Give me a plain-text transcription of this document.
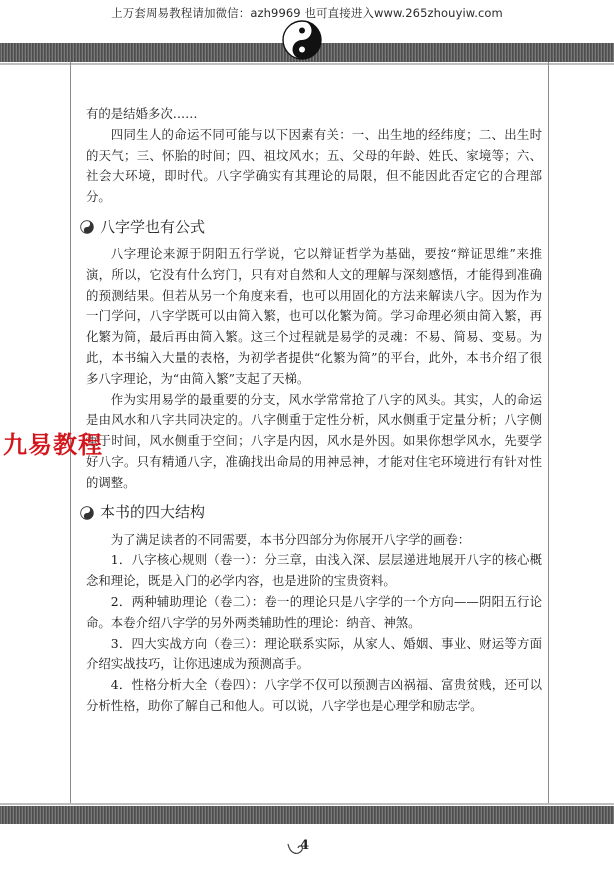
上万套周易教程请加微信：azh9969 也可直接进入www.265zhouyiw.com

有的是结婚多次……

四同生人的命运不同可能与以下因素有关：一、出生地的经纬度；二、出生时的天气；三、怀胎的时间；四、祖坟风水；五、父母的年龄、姓氏、家境等；六、社会大环境，即时代。八字学确实有其理论的局限，但不能因此否定它的合理部分。

八字学也有公式

八字理论来源于阴阳五行学说，它以辩证哲学为基础，要按“辩证思维”来推演，所以，它没有什么窍门，只有对自然和人文的理解与深刻感悟，才能得到准确的预测结果。但若从另一个角度来看，也可以用固化的方法来解读八字。因为作为一门学问，八字学既可以由简入繁，也可以化繁为简。学习命理必须由简入繁，再化繁为简，最后再由简入繁。这三个过程就是易学的灵魂：不易、简易、变易。为此，本书编入大量的表格，为初学者提供“化繁为简”的平台，此外，本书介绍了很多八字理论，为“由简入繁”支起了天梯。

作为实用易学的最重要的分支，风水学常常抢了八字的风头。其实，人的命运是由风水和八字共同决定的。八字侧重于定性分析，风水侧重于定量分析；八字侧重于时间，风水侧重于空间；八字是内因，风水是外因。如果你想学风水，先要学好八字。只有精通八字，准确找出命局的用神忌神，才能对住宅环境进行有针对性的调整。

本书的四大结构

为了满足读者的不同需要，本书分四部分为你展开八字学的画卷：

1．八字核心规则（卷一）：分三章，由浅入深、层层递进地展开八字的核心概念和理论，既是入门的必学内容，也是进阶的宝贵资料。

2．两种辅助理论（卷二）：卷一的理论只是八字学的一个方向——阴阳五行论命。本卷介绍八字学的另外两类辅助性的理论：纳音、神煞。

3．四大实战方向（卷三）：理论联系实际，从家人、婚姻、事业、财运等方面介绍实战技巧，让你迅速成为预测高手。

4．性格分析大全（卷四）：八字学不仅可以预测吉凶祸福、富贵贫贱，还可以分析性格，助你了解自己和他人。可以说，八字学也是心理学和励志学。

九易教程
4
